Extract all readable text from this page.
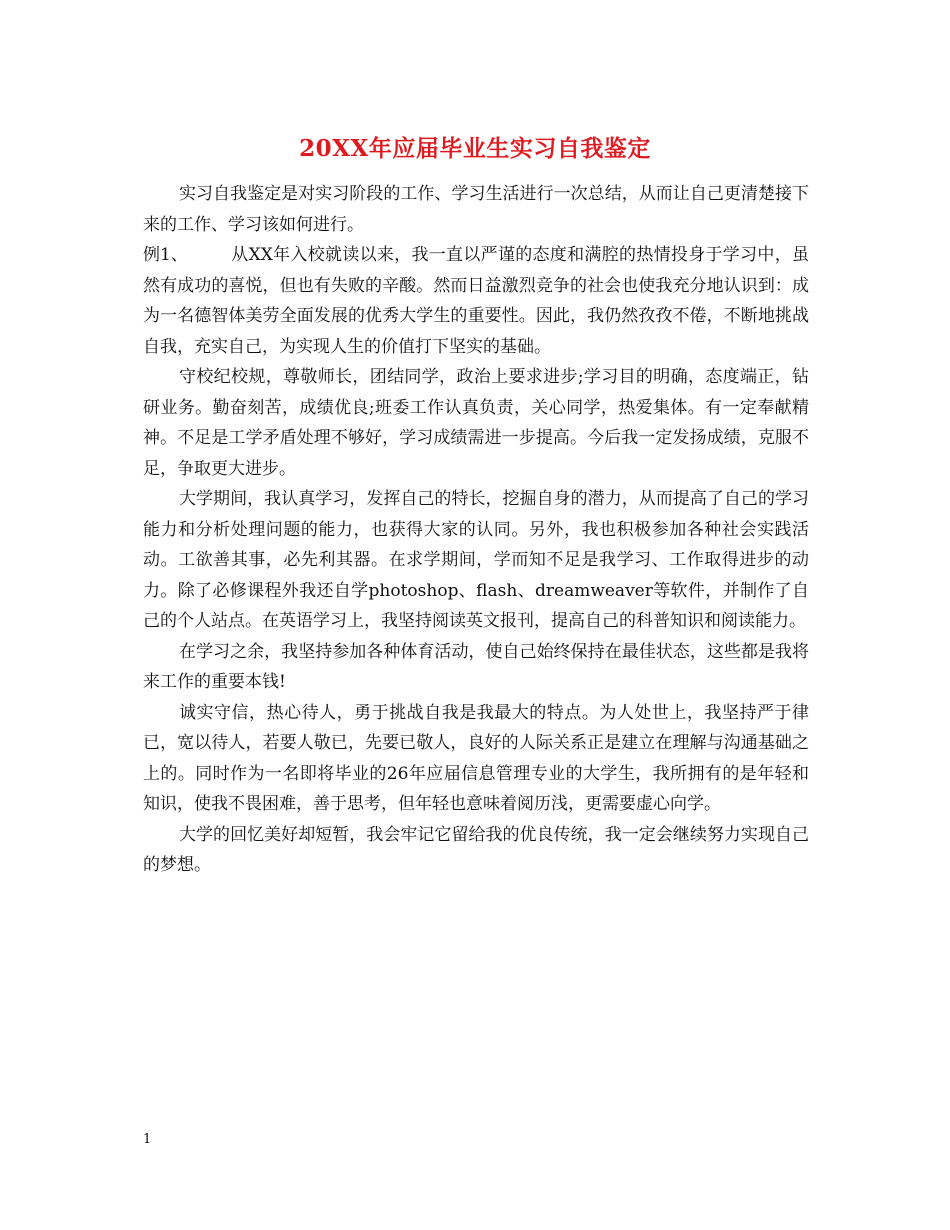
20XX年应届毕业生实习自我鉴定

实习自我鉴定是对实习阶段的工作、学习生活进行一次总结，从而让自己更清楚接下来的工作、学习该如何进行。

例1、	从XX年入校就读以来，我一直以严谨的态度和满腔的热情投身于学习中，虽然有成功的喜悦，但也有失败的辛酸。然而日益激烈竞争的社会也使我充分地认识到：成为一名德智体美劳全面发展的优秀大学生的重要性。因此，我仍然孜孜不倦，不断地挑战自我，充实自己，为实现人生的价值打下坚实的基础。

守校纪校规，尊敬师长，团结同学，政治上要求进步;学习目的明确，态度端正，钻研业务。勤奋刻苦，成绩优良;班委工作认真负责，关心同学，热爱集体。有一定奉献精神。不足是工学矛盾处理不够好，学习成绩需进一步提高。今后我一定发扬成绩，克服不足，争取更大进步。

大学期间，我认真学习，发挥自己的特长，挖掘自身的潜力，从而提高了自己的学习能力和分析处理问题的能力，也获得大家的认同。另外，我也积极参加各种社会实践活动。工欲善其事，必先利其器。在求学期间，学而知不足是我学习、工作取得进步的动力。除了必修课程外我还自学photoshop、flash、dreamweaver等软件，并制作了自己的个人站点。在英语学习上，我坚持阅读英文报刊，提高自己的科普知识和阅读能力。

在学习之余，我坚持参加各种体育活动，使自己始终保持在最佳状态，这些都是我将来工作的重要本钱!

诚实守信，热心待人，勇于挑战自我是我最大的特点。为人处世上，我坚持严于律已，宽以待人，若要人敬已，先要已敬人，良好的人际关系正是建立在理解与沟通基础之上的。同时作为一名即将毕业的26年应届信息管理专业的大学生，我所拥有的是年轻和知识，使我不畏困难，善于思考，但年轻也意味着阅历浅，更需要虚心向学。

大学的回忆美好却短暂，我会牢记它留给我的优良传统，我一定会继续努力实现自己的梦想。

1
